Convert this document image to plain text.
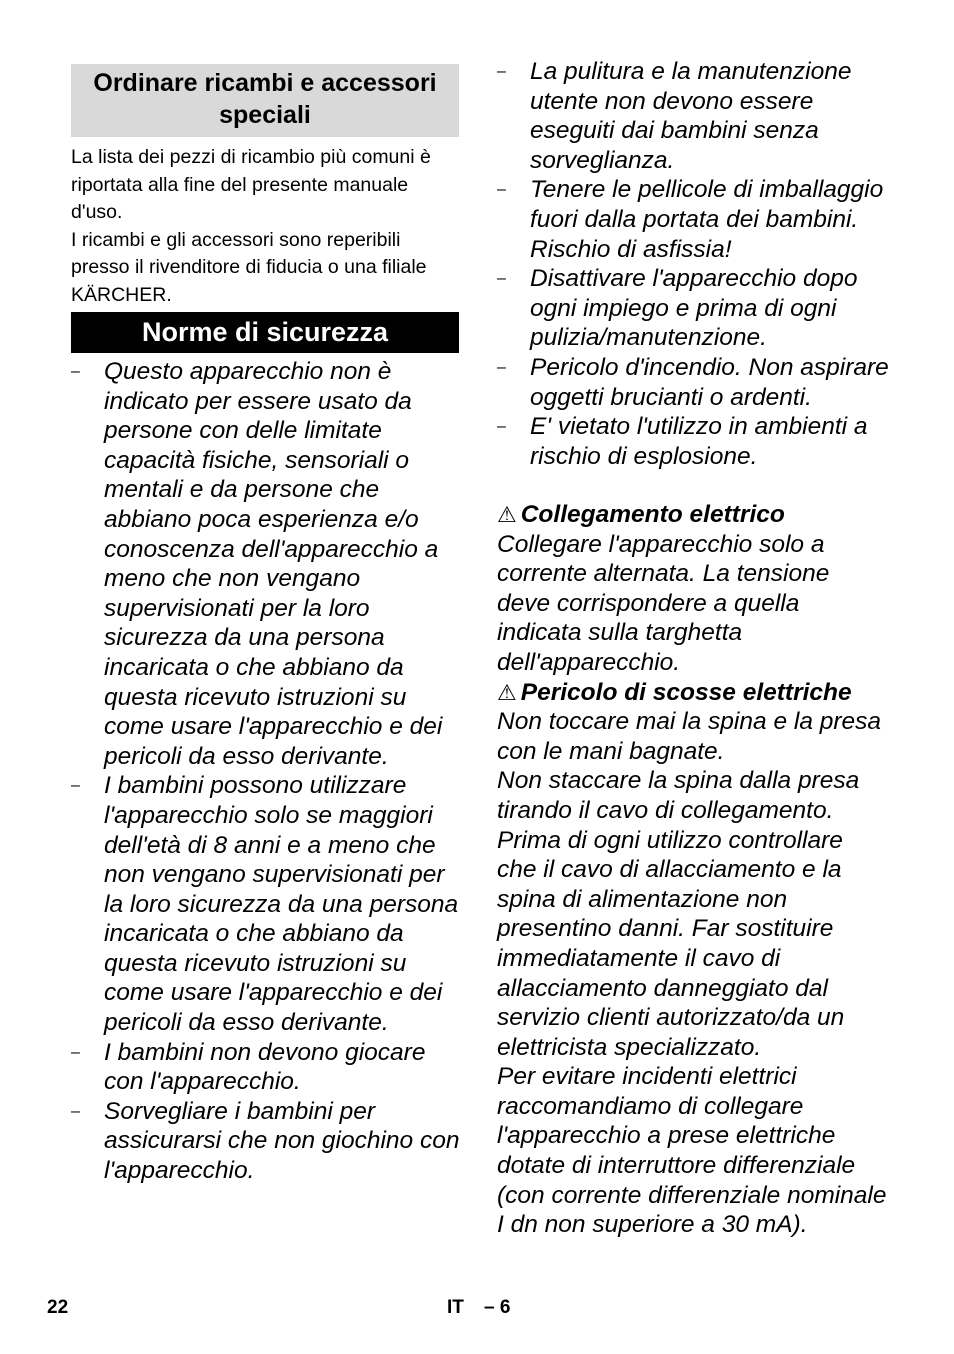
Ordinare ricambi e accessori speciali

La lista dei pezzi di ricambio più comuni è riportata alla fine del presente manuale d'uso.

I ricambi e gli accessori sono reperibili presso il rivenditore di fiducia o una filiale KÄRCHER.

Norme di sicurezza
– Questo apparecchio non è indicato per essere usato da persone con delle limitate capacità fisiche, sensoriali o mentali e da persone che abbiano poca esperienza e/o conoscenza dell'apparecchio a meno che non vengano supervisionati per la loro sicurezza da una persona incaricata o che abbiano da questa ricevuto istruzioni su come usare l'apparecchio e dei pericoli da esso derivante.
– I bambini possono utilizzare l'apparecchio solo se maggiori dell'età di 8 anni e a meno che non vengano supervisionati per la loro sicurezza da una persona incaricata o che abbiano da questa ricevuto istruzioni su come usare l'apparecchio e dei pericoli da esso derivante.
– I bambini non devono giocare con l'apparecchio.
– Sorvegliare i bambini per assicurarsi che non giochino con l'apparecchio.
– La pulitura e la manutenzione utente non devono essere eseguiti dai bambini senza sorveglianza.
– Tenere le pellicole di imballaggio fuori dalla portata dei bambini. Rischio di asfissia!
– Disattivare l'apparecchio dopo ogni impiego e prima di ogni pulizia/manutenzione.
– Pericolo d'incendio. Non aspirare oggetti brucianti o ardenti.
– E' vietato l'utilizzo in ambienti a rischio di esplosione.

⚠ Collegamento elettrico

Collegare l'apparecchio solo a corrente alternata. La tensione deve corrispondere a quella indicata sulla targhetta dell'apparecchio.

⚠ Pericolo di scosse elettriche

Non toccare mai la spina e la presa con le mani bagnate.

Non staccare la spina dalla presa tirando il cavo di collegamento.

Prima di ogni utilizzo controllare che il cavo di allacciamento e la spina di alimentazione non presentino danni. Far sostituire immediatamente il cavo di allacciamento danneggiato dal servizio clienti autorizzato/da un elettricista specializzato.

Per evitare incidenti elettrici raccomandiamo di collegare l'apparecchio a prese elettriche dotate di interruttore differenziale (con corrente differenziale nominale I dn non superiore a 30 mA).

22	IT – 6
